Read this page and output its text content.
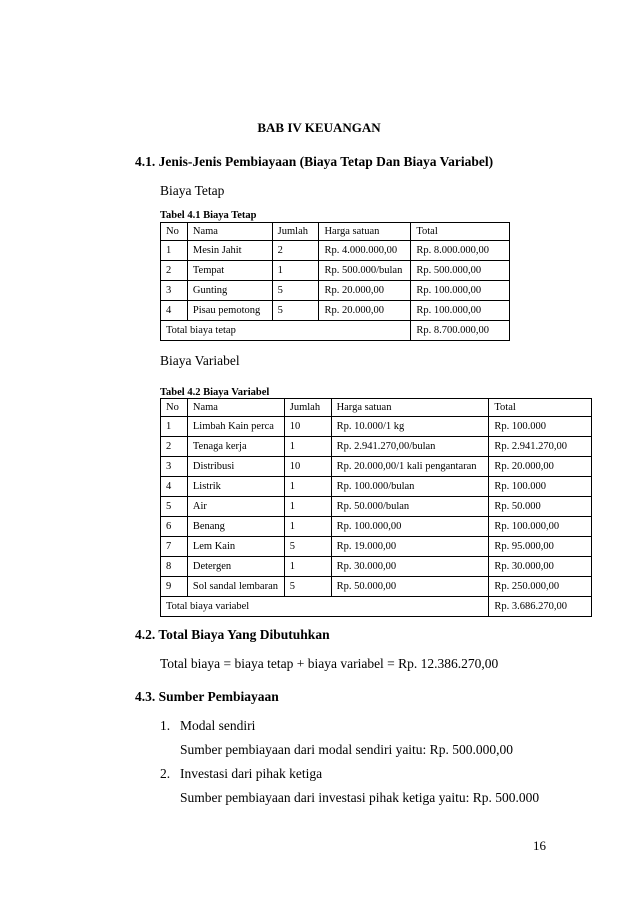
BAB IV KEUANGAN
4.1. Jenis-Jenis Pembiayaan (Biaya Tetap Dan Biaya Variabel)
Biaya Tetap
Tabel 4.1 Biaya Tetap
No	Nama	Jumlah	Harga satuan	Total
1	Mesin Jahit	2	Rp. 4.000.000,00	Rp. 8.000.000,00
2	Tempat	1	Rp. 500.000/bulan	Rp. 500.000,00
3	Gunting	5	Rp. 20.000,00	Rp. 100.000,00
4	Pisau pemotong	5	Rp. 20.000,00	Rp. 100.000,00
Total biaya tetap				Rp. 8.700.000,00
Biaya Variabel
Tabel 4.2 Biaya Variabel
No	Nama	Jumlah	Harga satuan	Total
1	Limbah Kain perca	10	Rp. 10.000/1 kg	Rp. 100.000
2	Tenaga kerja	1	Rp. 2.941.270,00/bulan	Rp. 2.941.270,00
3	Distribusi	10	Rp. 20.000,00/1 kali pengantaran	Rp. 20.000,00
4	Listrik	1	Rp. 100.000/bulan	Rp. 100.000
5	Air	1	Rp. 50.000/bulan	Rp. 50.000
6	Benang	1	Rp. 100.000,00	Rp. 100.000,00
7	Lem Kain	5	Rp. 19.000,00	Rp. 95.000,00
8	Detergen	1	Rp. 30.000,00	Rp. 30.000,00
9	Sol sandal lembaran	5	Rp. 50.000,00	Rp. 250.000,00
Total biaya variabel				Rp. 3.686.270,00
4.2. Total Biaya Yang Dibutuhkan
Total biaya = biaya tetap + biaya variabel = Rp. 12.386.270,00
4.3. Sumber Pembiayaan
1. Modal sendiri
Sumber pembiayaan dari modal sendiri yaitu: Rp. 500.000,00
2. Investasi dari pihak ketiga
Sumber pembiayaan dari investasi pihak ketiga yaitu: Rp. 500.000
16
